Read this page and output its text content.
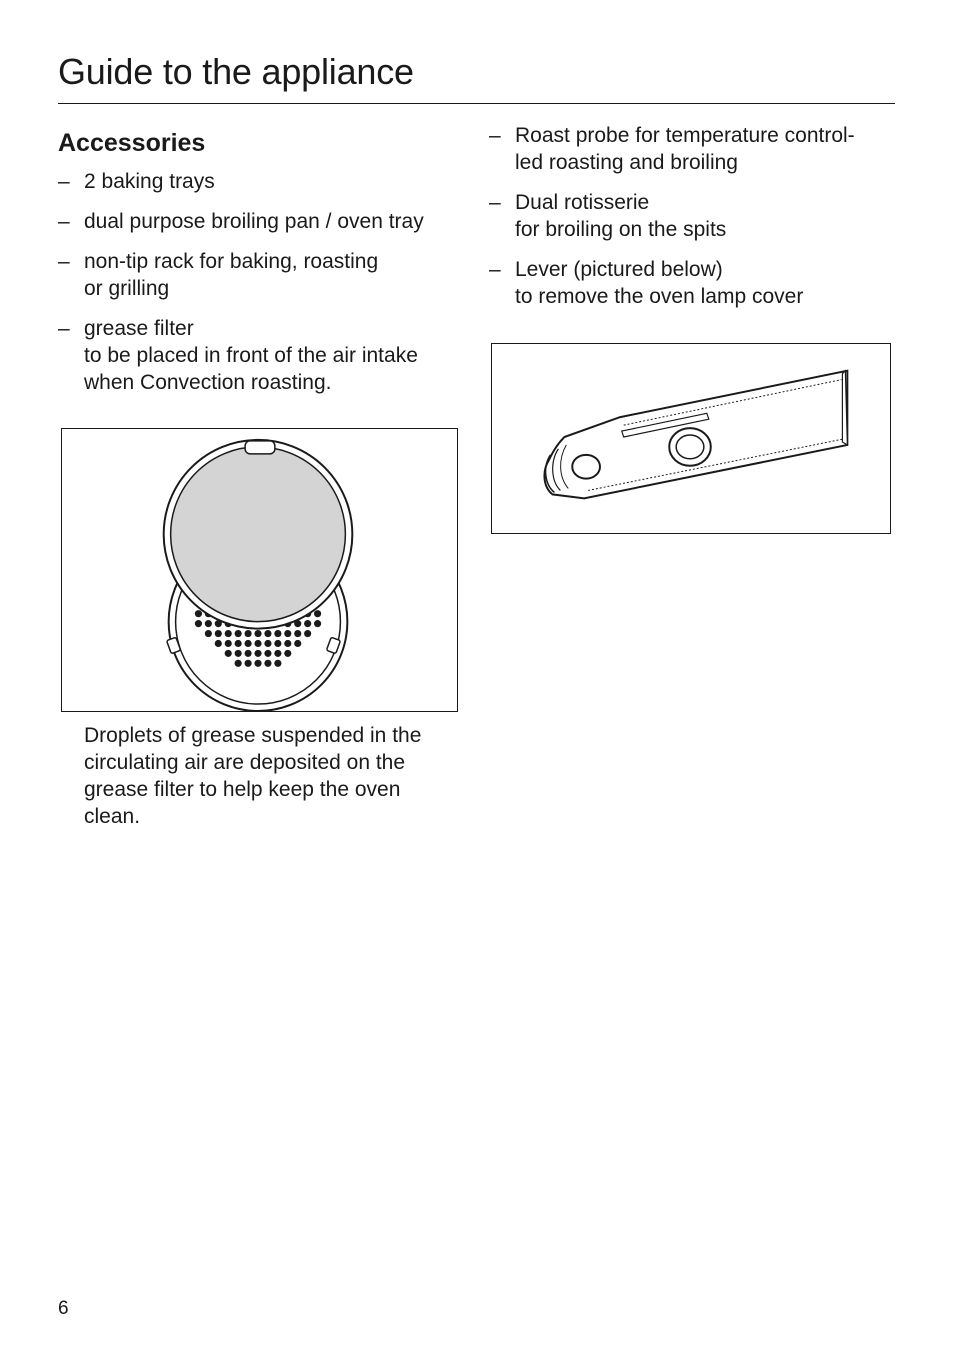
Guide to the appliance
Accessories
– 2 baking trays
– dual purpose broiling pan / oven tray
– non-tip rack for baking, roasting
or grilling
– grease filter
to be placed in front of the air intake
when Convection roasting.
– Roast probe for temperature control-
led roasting and broiling
– Dual rotisserie
for broiling on the spits
– Lever (pictured below)
to remove the oven lamp cover
Droplets of grease suspended in the
circulating air are deposited on the
grease filter to help keep the oven
clean.
6
